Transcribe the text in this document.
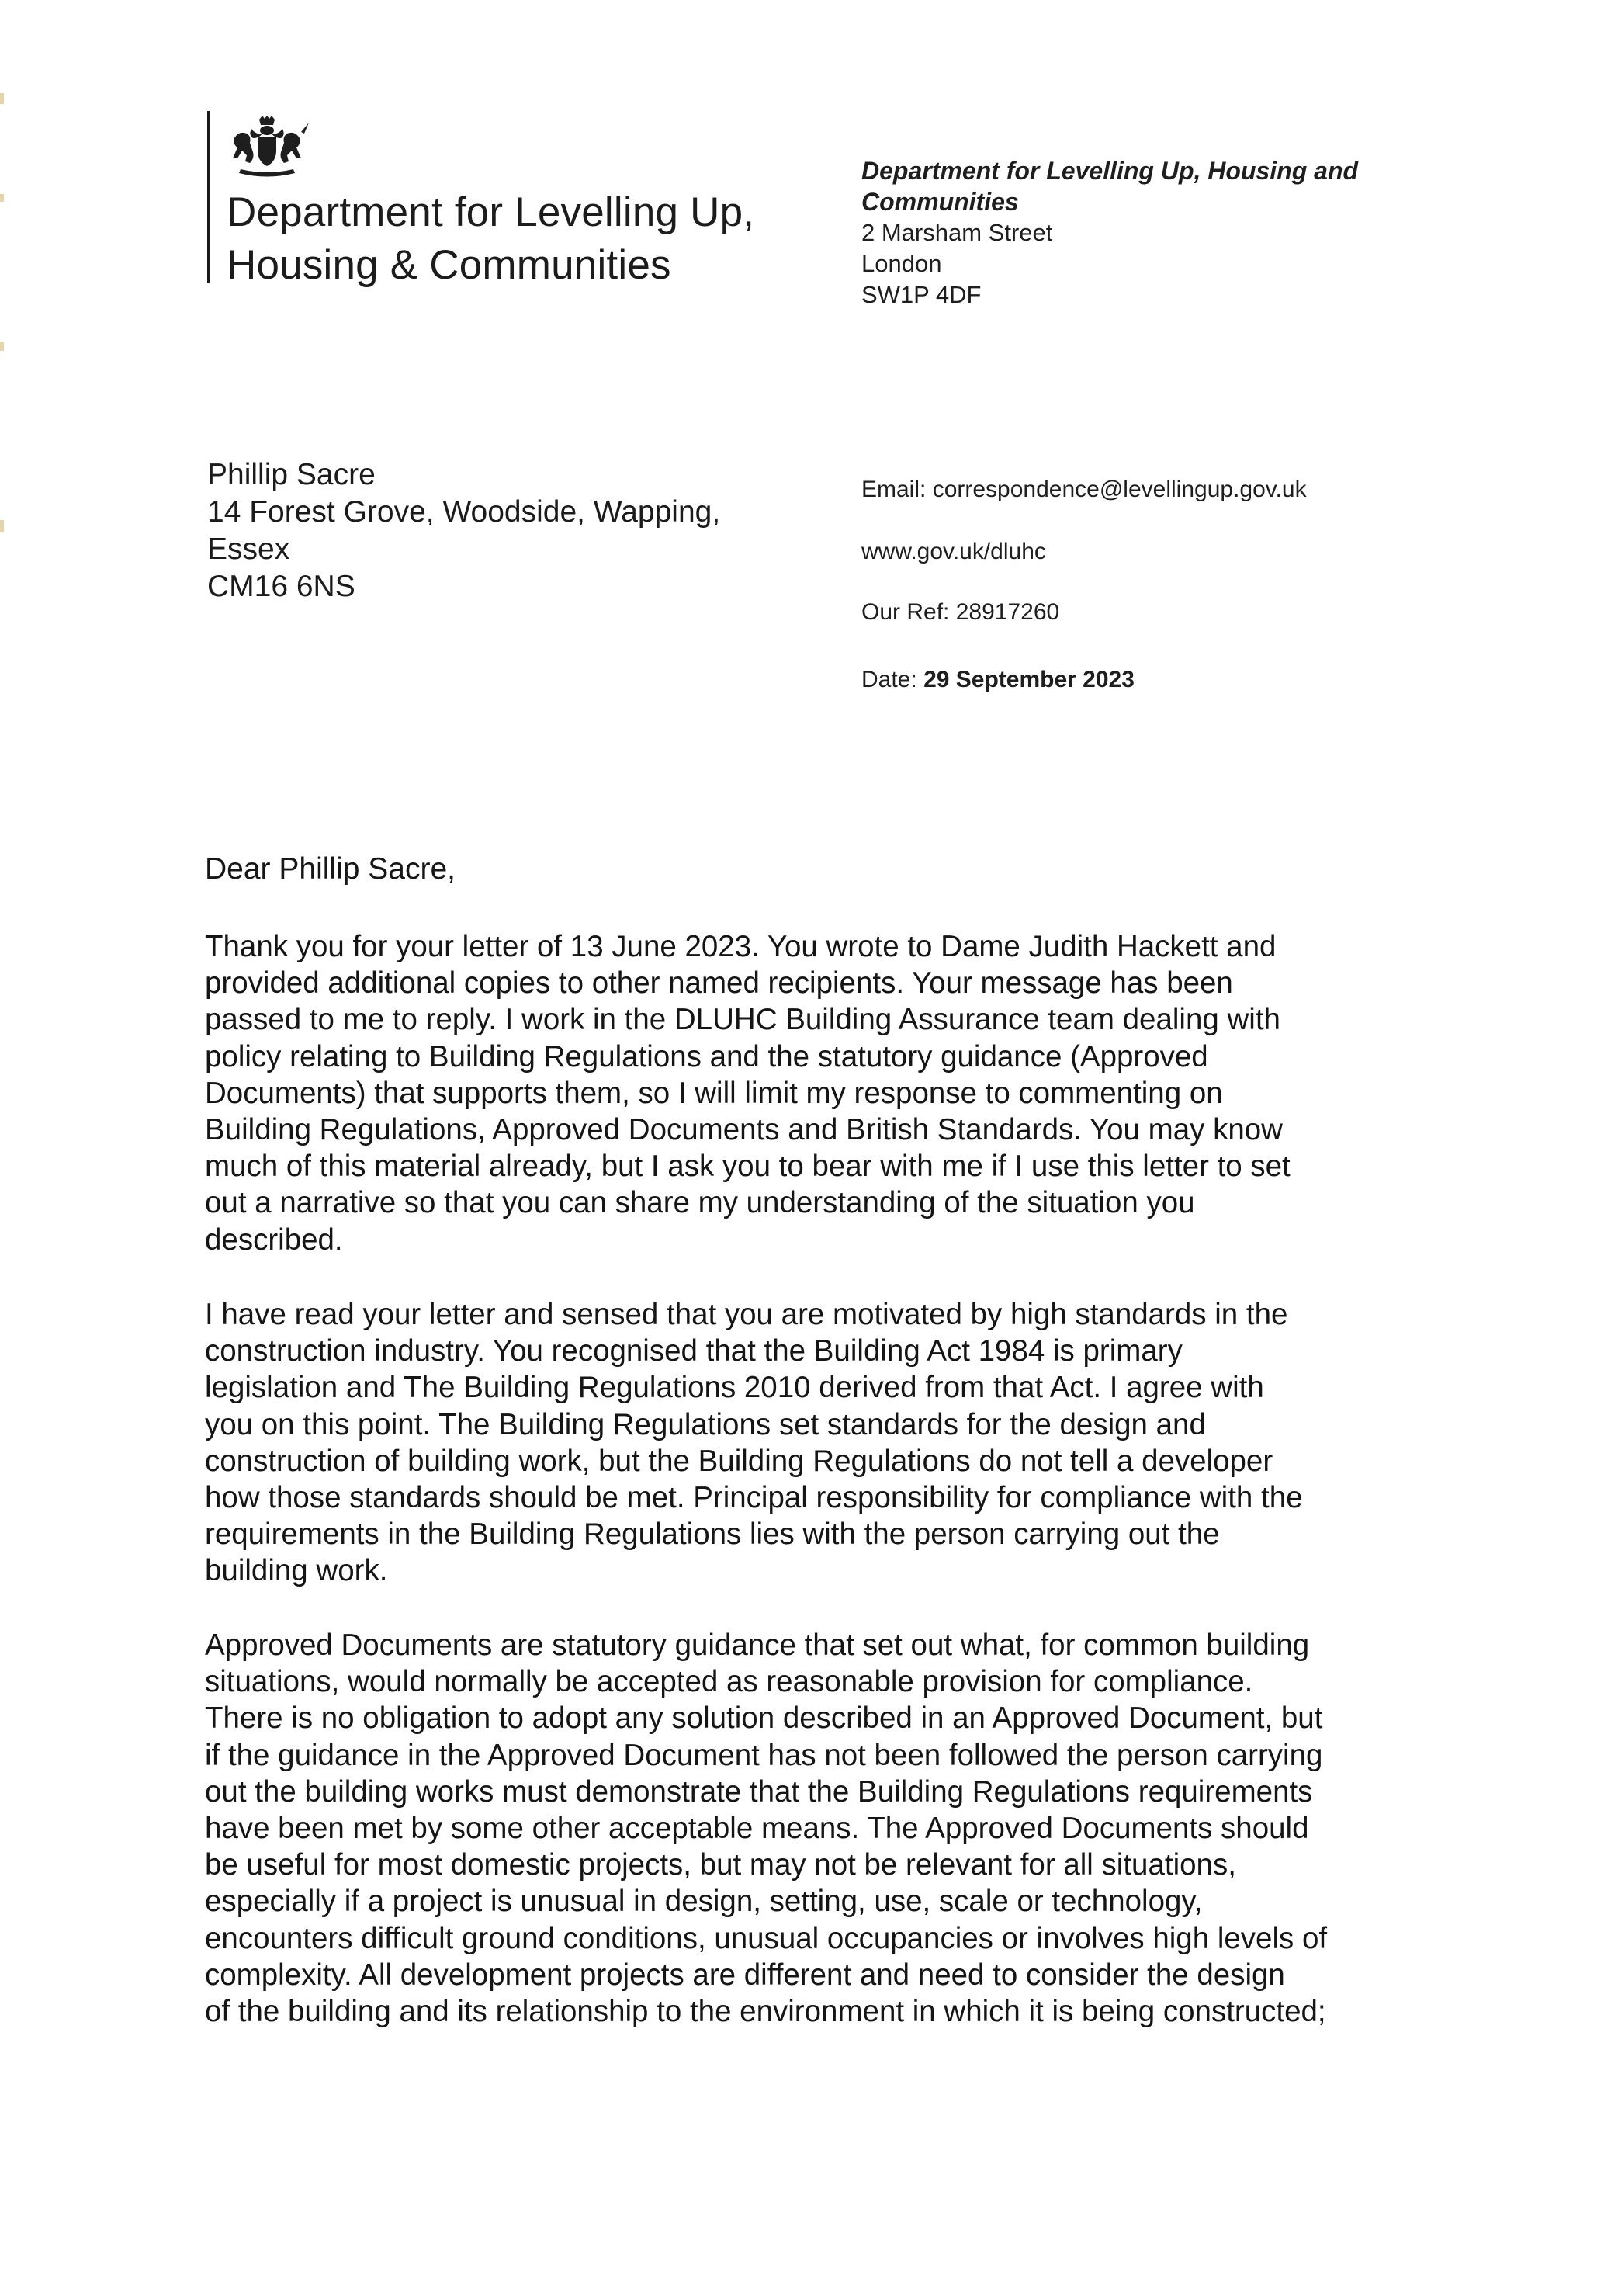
Department for Levelling Up,
Housing & Communities
Department for Levelling Up, Housing and
Communities
2 Marsham Street
London
SW1P 4DF
Phillip Sacre
14 Forest Grove, Woodside, Wapping,
Essex
CM16 6NS
Email: correspondence@levellingup.gov.uk
www.gov.uk/dluhc
Our Ref: 28917260
Date: 29 September 2023
Dear Phillip Sacre,
Thank you for your letter of 13 June 2023. You wrote to Dame Judith Hackett and
provided additional copies to other named recipients. Your message has been
passed to me to reply. I work in the DLUHC Building Assurance team dealing with
policy relating to Building Regulations and the statutory guidance (Approved
Documents) that supports them, so I will limit my response to commenting on
Building Regulations, Approved Documents and British Standards. You may know
much of this material already, but I ask you to bear with me if I use this letter to set
out a narrative so that you can share my understanding of the situation you
described.
I have read your letter and sensed that you are motivated by high standards in the
construction industry. You recognised that the Building Act 1984 is primary
legislation and The Building Regulations 2010 derived from that Act. I agree with
you on this point. The Building Regulations set standards for the design and
construction of building work, but the Building Regulations do not tell a developer
how those standards should be met. Principal responsibility for compliance with the
requirements in the Building Regulations lies with the person carrying out the
building work.
Approved Documents are statutory guidance that set out what, for common building
situations, would normally be accepted as reasonable provision for compliance.
There is no obligation to adopt any solution described in an Approved Document, but
if the guidance in the Approved Document has not been followed the person carrying
out the building works must demonstrate that the Building Regulations requirements
have been met by some other acceptable means. The Approved Documents should
be useful for most domestic projects, but may not be relevant for all situations,
especially if a project is unusual in design, setting, use, scale or technology,
encounters difficult ground conditions, unusual occupancies or involves high levels of
complexity. All development projects are different and need to consider the design
of the building and its relationship to the environment in which it is being constructed;
